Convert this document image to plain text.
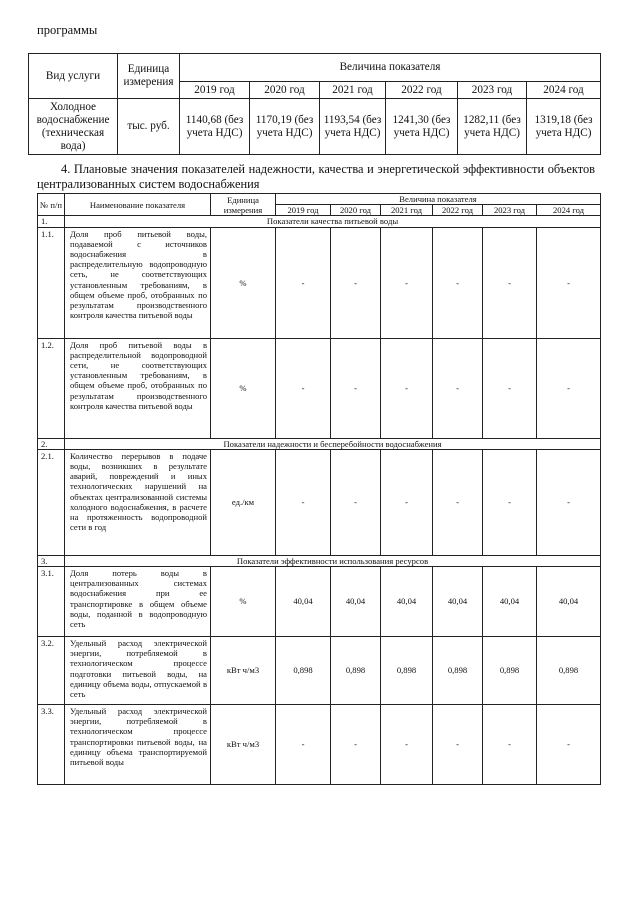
программы
Вид услуги	Единица измерения	Величина показателя					
		2019 год	2020 год	2021 год	2022 год	2023 год	2024 год
Холодное водоснабжение (техническая вода)	тыс. руб.	1140,68 (без учета НДС)	1170,19 (без учета НДС)	1193,54 (без учета НДС)	1241,30 (без учета НДС)	1282,11 (без учета НДС)	1319,18 (без учета НДС)
4. Плановые значения показателей надежности, качества и энергетической эффективности объектов централизованных систем водоснабжения
№ п/п	Наименование показателя	Единица измерения	Величина показателя					
			2019 год	2020 год	2021 год	2022 год	2023 год	2024 год
1.	Показатели качества питьевой воды							
1.1.	Доля проб питьевой воды, подаваемой с источников водоснабжения в распределительную водопроводную сеть, не соответствующих установленным требованиям, в общем объеме проб, отобранных по результатам производственного контроля качества питьевой воды	%	-	-	-	-	-	-
1.2.	Доля проб питьевой воды в распределительной водопроводной сети, не соответствующих установленным требованиям, в общем объеме проб, отобранных по результатам производственного контроля качества питьевой воды	%	-	-	-	-	-	-
2.	Показатели надежности и бесперебойности водоснабжения							
2.1.	Количество перерывов в подаче воды, возникших в результате аварий, повреждений и иных технологических нарушений на объектах централизованной системы холодного водоснабжения, в расчете на протяженность водопроводной сети в год	ед./км	-	-	-	-	-	-
3.	Показатели эффективности использования ресурсов							
3.1.	Доля потерь воды в централизованных системах водоснабжения при ее транспортировке в общем объеме воды, поданной в водопроводную сеть	%	40,04	40,04	40,04	40,04	40,04	40,04
3.2.	Удельный расход электрической энергии, потребляемой в технологическом процессе подготовки питьевой воды, на единицу объема воды, отпускаемой в сеть	кВт ч/м3	0,898	0,898	0,898	0,898	0,898	0,898
3.3.	Удельный расход электрической энергии, потребляемой в технологическом процессе транспортировки питьевой воды, на единицу объема транспортируемой питьевой воды	кВт ч/м3	-	-	-	-	-	-
